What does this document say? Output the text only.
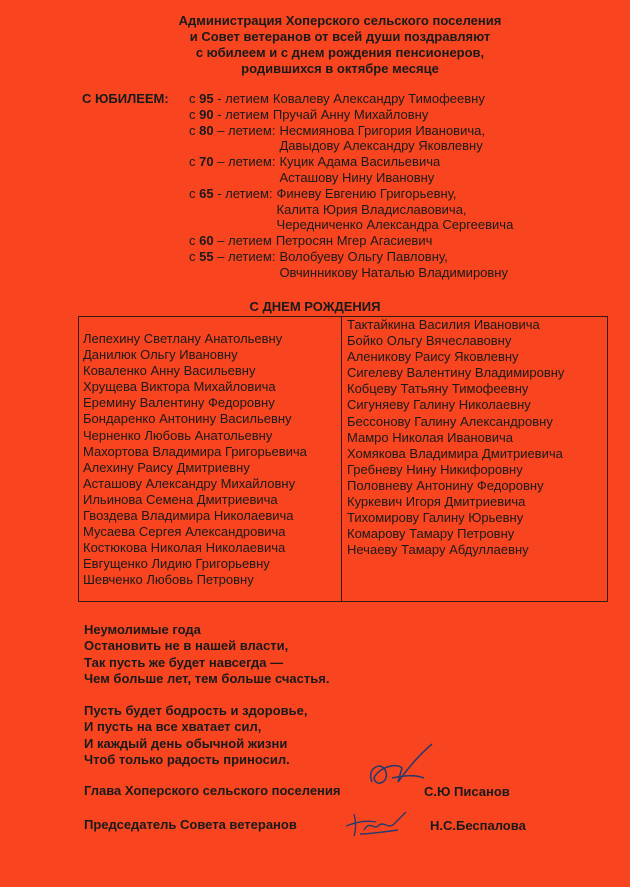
Администрация Хоперского сельского поселения
и Совет ветеранов от всей души поздравляют
с юбилеем и с днем рождения пенсионеров,
родившихся в октябре месяце
С ЮБИЛЕЕМ: с 95 - летием Ковалеву Александру Тимофеевну
с 90 - летием Пручай Анну Михайловну
с 80 – летием: Несмиянова Григория Ивановича,
Давыдову Александру Яковлевну
с 70 – летием: Куцик Адама Васильевича
Асташову Нину Ивановну
с 65 - летием: Финеву Евгению Григорьевну,
Калита Юрия Владиславовича,
Чередниченко Александра Сергеевича
с 60 – летием Петросян Мгер Агасиевич
с 55 – летием: Волобуеву Ольгу Павловну,
Овчинникову Наталью Владимировну
С ДНЕМ РОЖДЕНИЯ
Лепехину Светлану Анатольевну
Данилюк Ольгу Ивановну
Коваленко Анну Васильевну
Хрущева Виктора Михайловича
Еремину Валентину Федоровну
Бондаренко Антонину Васильевну
Черненко Любовь Анатольевну
Махортова Владимира Григорьевича
Алехину Раису Дмитриевну
Асташову Александру Михайловну
Ильинова Семена Дмитриевича
Гвоздева Владимира Николаевича
Мусаева Сергея Александровича
Костюкова Николая Николаевича
Евгущенко Лидию Григорьевну
Шевченко Любовь Петровну
Тактайкина Василия Ивановича
Бойко Ольгу Вячеславовну
Аленикову Раису Яковлевну
Сигелеву Валентину Владимировну
Кобцеву Татьяну Тимофеевну
Сигуняеву Галину Николаевну
Бессонову Галину Александровну
Мамро Николая Ивановича
Хомякова Владимира Дмитриевича
Гребневу Нину Никифоровну
Половневу Антонину Федоровну
Куркевич Игоря Дмитриевича
Тихомирову Галину Юрьевну
Комарову Тамару Петровну
Нечаеву Тамару Абдуллаевну
Неумолимые года
Остановить не в нашей власти,
Так пусть же будет навсегда —
Чем больше лет, тем больше счастья.
Пусть будет бодрость и здоровье,
И пусть на все хватает сил,
И каждый день обычной жизни
Чтоб только радость приносил.
Глава Хоперского сельского поселения	С.Ю Писанов
Председатель Совета ветеранов	Н.С.Беспалова
